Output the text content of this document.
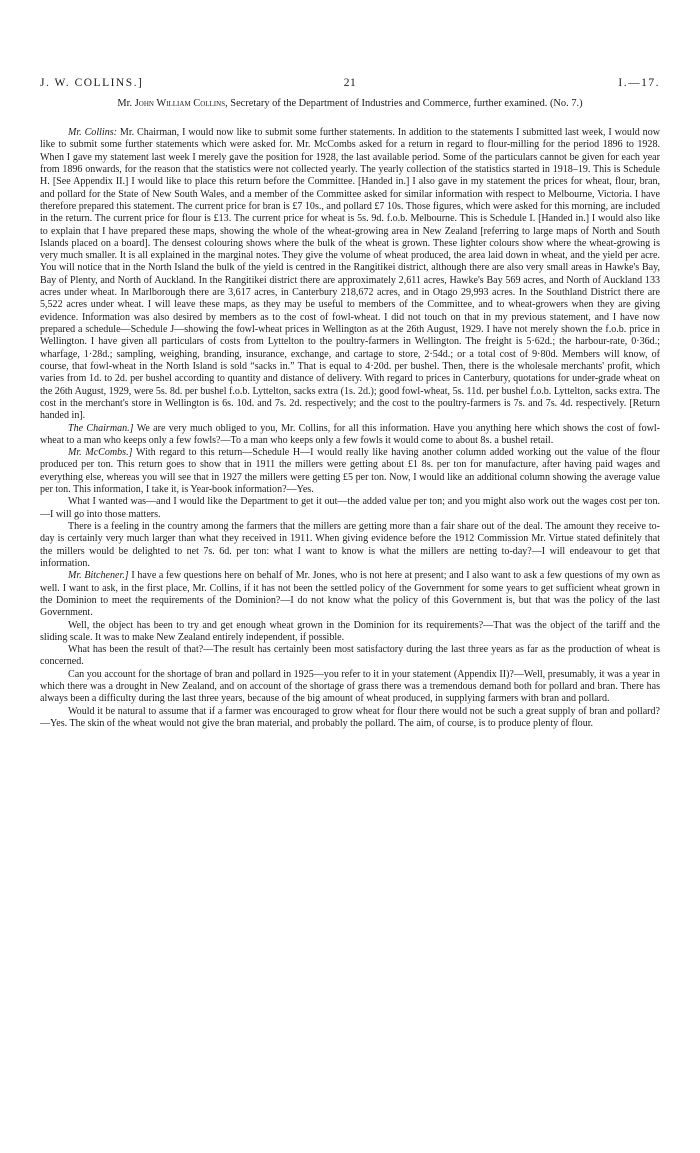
J. W. COLLINS.]	21	I.—17.
Mr. John William Collins, Secretary of the Department of Industries and Commerce, further examined. (No. 7.)

Mr. Collins: Mr. Chairman, I would now like to submit some further statements. In addition to the statements I submitted last week, I would now like to submit some further statements which were asked for. Mr. McCombs asked for a return in regard to flour-milling for the period 1896 to 1928. When I gave my statement last week I merely gave the position for 1928, the last available period. Some of the particulars cannot be given for each year from 1896 onwards, for the reason that the statistics were not collected yearly. The yearly collection of the statistics started in 1918–19. This is Schedule H. [See Appendix II.] I would like to place this return before the Committee. [Handed in.] I also gave in my statement the prices for wheat, flour, bran, and pollard for the State of New South Wales, and a member of the Committee asked for similar information with respect to Melbourne, Victoria. I have therefore prepared this statement. The current price for bran is £7 10s., and pollard £7 10s. Those figures, which were asked for this morning, are included in the return. The current price for flour is £13. The current price for wheat is 5s. 9d. f.o.b. Melbourne. This is Schedule I. [Handed in.] I would also like to explain that I have prepared these maps, showing the whole of the wheat-growing area in New Zealand [referring to large maps of North and South Islands placed on a board]. The densest colouring shows where the bulk of the wheat is grown. These lighter colours show where the wheat-growing is very much smaller. It is all explained in the marginal notes. They give the volume of wheat produced, the area laid down in wheat, and the yield per acre. You will notice that in the North Island the bulk of the yield is centred in the Rangitikei district, although there are also very small areas in Hawke's Bay, Bay of Plenty, and North of Auckland. In the Rangitikei district there are approximately 2,611 acres, Hawke's Bay 569 acres, and North of Auckland 133 acres under wheat. In Marlborough there are 3,617 acres, in Canterbury 218,672 acres, and in Otago 29,993 acres. In the Southland District there are 5,522 acres under wheat. I will leave these maps, as they may be useful to members of the Committee, and to wheat-growers when they are giving evidence. Information was also desired by members as to the cost of fowl-wheat. I did not touch on that in my previous statement, and I have now prepared a schedule—Schedule J—showing the fowl-wheat prices in Wellington as at the 26th August, 1929. I have not merely shown the f.o.b. price in Wellington. I have given all particulars of costs from Lyttelton to the poultry-farmers in Wellington. The freight is 5·62d.; the harbour-rate, 0·36d.; wharfage, 1·28d.; sampling, weighing, branding, insurance, exchange, and cartage to store, 2·54d.; or a total cost of 9·80d. Members will know, of course, that fowl-wheat in the North Island is sold “sacks in.” That is equal to 4·20d. per bushel. Then, there is the wholesale merchants' profit, which varies from 1d. to 2d. per bushel according to quantity and distance of delivery. With regard to prices in Canterbury, quotations for under-grade wheat on the 26th August, 1929, were 5s. 8d. per bushel f.o.b. Lyttelton, sacks extra (1s. 2d.); good fowl-wheat, 5s. 11d. per bushel f.o.b. Lyttelton, sacks extra. The cost in the merchant's store in Wellington is 6s. 10d. and 7s. 2d. respectively; and the cost to the poultry-farmers is 7s. and 7s. 4d. respectively. [Return handed in].

The Chairman.] We are very much obliged to you, Mr. Collins, for all this information. Have you anything here which shows the cost of fowl-wheat to a man who keeps only a few fowls?—To a man who keeps only a few fowls it would come to about 8s. a bushel retail.

Mr. McCombs.] With regard to this return—Schedule H—I would really like having another column added working out the value of the flour produced per ton. This return goes to show that in 1911 the millers were getting about £1 8s. per ton for manufacture, after having paid wages and everything else, whereas you will see that in 1927 the millers were getting £5 per ton. Now, I would like an additional column showing the average value per ton. This information, I take it, is Year-book information?—Yes.

What I wanted was—and I would like the Department to get it out—the added value per ton; and you might also work out the wages cost per ton.—I will go into those matters.

There is a feeling in the country among the farmers that the millers are getting more than a fair share out of the deal. The amount they receive to-day is certainly very much larger than what they received in 1911. When giving evidence before the 1912 Commission Mr. Virtue stated definitely that the millers would be delighted to net 7s. 6d. per ton: what I want to know is what the millers are netting to-day?—I will endeavour to get that information.

Mr. Bitchener.] I have a few questions here on behalf of Mr. Jones, who is not here at present; and I also want to ask a few questions of my own as well. I want to ask, in the first place, Mr. Collins, if it has not been the settled policy of the Government for some years to get sufficient wheat grown in the Dominion to meet the requirements of the Dominion?—I do not know what the policy of this Government is, but that was the policy of the last Government.

Well, the object has been to try and get enough wheat grown in the Dominion for its requirements?—That was the object of the tariff and the sliding scale. It was to make New Zealand entirely independent, if possible.

What has been the result of that?—The result has certainly been most satisfactory during the last three years as far as the production of wheat is concerned.

Can you account for the shortage of bran and pollard in 1925—you refer to it in your statement (Appendix II)?—Well, presumably, it was a year in which there was a drought in New Zealand, and on account of the shortage of grass there was a tremendous demand both for pollard and bran. There has always been a difficulty during the last three years, because of the big amount of wheat produced, in supplying farmers with bran and pollard.

Would it be natural to assume that if a farmer was encouraged to grow wheat for flour there would not be such a great supply of bran and pollard?—Yes. The skin of the wheat would not give the bran material, and probably the pollard. The aim, of course, is to produce plenty of flour.
